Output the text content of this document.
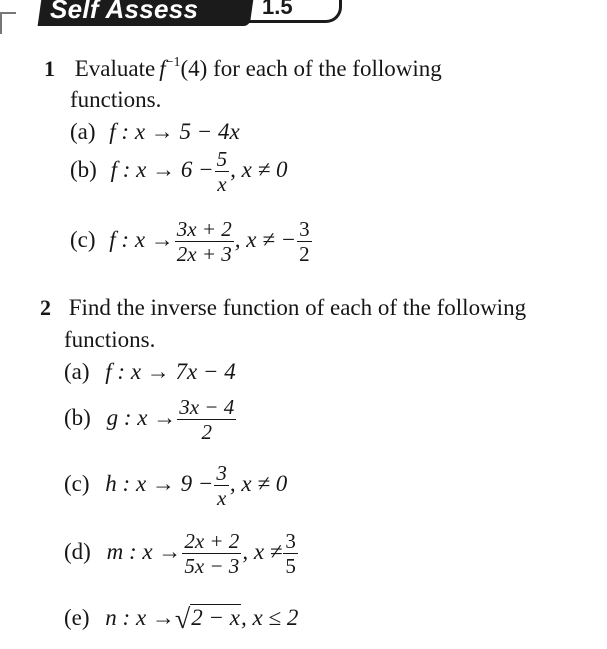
Self Assess	1.5
1 Evaluate $f^{-1}(4)$ for each of the following
functions.
(a) f : x → 5 − 4x
(b) f : $x \to 6 - \frac{5}{x}$ , x ≠ 0
(c) f : $x \to \frac{3x + 2}{2x + 3}$ , x ≠ − $\frac{3}{2}$
2 Find the inverse function of each of the following
functions.
(a) f : x → 7x − 4
(b) g : $x \to \frac{3x - 4}{2}$
(c) h : $x \to 9 - \frac{3}{x}$ , x ≠ 0
(d) m : $x \to \frac{2x + 2}{5x - 3}$ , $x \ne \frac{3}{5}$
(e) n : x →√2 − x, x ≤ 2
